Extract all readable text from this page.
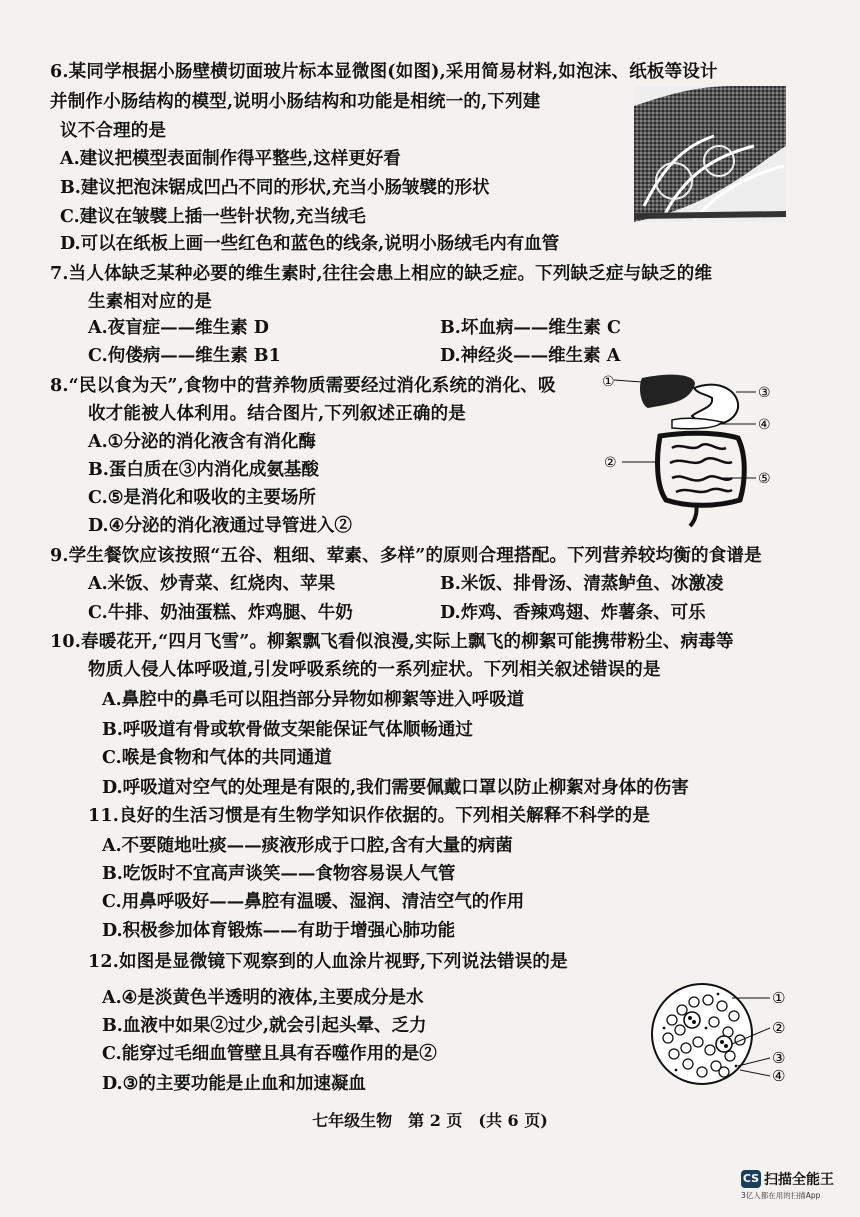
6.某同学根据小肠壁横切面玻片标本显微图(如图),采用简易材料,如泡沫、纸板等设计
并制作小肠结构的模型,说明小肠结构和功能是相统一的,下列建
议不合理的是
A.建议把模型表面制作得平整些,这样更好看
B.建议把泡沫锯成凹凸不同的形状,充当小肠皱襞的形状
C.建议在皱襞上插一些针状物,充当绒毛
D.可以在纸板上画一些红色和蓝色的线条,说明小肠绒毛内有血管
7.当人体缺乏某种必要的维生素时,往往会患上相应的缺乏症。下列缺乏症与缺乏的维
生素相对应的是
A.夜盲症——维生素 D	B.坏血病——维生素 C
C.佝偻病——维生素 B1	D.神经炎——维生素 A
8.“民以食为天”,食物中的营养物质需要经过消化系统的消化、吸
收才能被人体利用。结合图片,下列叙述正确的是
A.①分泌的消化液含有消化酶
B.蛋白质在③内消化成氨基酸
C.⑤是消化和吸收的主要场所
D.④分泌的消化液通过导管进入②
①
③
④
②
⑤
9.学生餐饮应该按照“五谷、粗细、荤素、多样”的原则合理搭配。下列营养较均衡的食谱是
A.米饭、炒青菜、红烧肉、苹果	B.米饭、排骨汤、清蒸鲈鱼、冰激凌
C.牛排、奶油蛋糕、炸鸡腿、牛奶	D.炸鸡、香辣鸡翅、炸薯条、可乐
10.春暖花开,“四月飞雪”。柳絮飘飞看似浪漫,实际上飘飞的柳絮可能携带粉尘、病毒等
物质人侵人体呼吸道,引发呼吸系统的一系列症状。下列相关叙述错误的是
A.鼻腔中的鼻毛可以阻挡部分异物如柳絮等进入呼吸道
B.呼吸道有骨或软骨做支架能保证气体顺畅通过
C.喉是食物和气体的共同通道
D.呼吸道对空气的处理是有限的,我们需要佩戴口罩以防止柳絮对身体的伤害
11.良好的生活习惯是有生物学知识作依据的。下列相关解释不科学的是
A.不要随地吐痰——痰液形成于口腔,含有大量的病菌
B.吃饭时不宜高声谈笑——食物容易误人气管
C.用鼻呼吸好——鼻腔有温暖、湿润、清洁空气的作用
D.积极参加体育锻炼——有助于增强心肺功能
12.如图是显微镜下观察到的人血涂片视野,下列说法错误的是
A.④是淡黄色半透明的液体,主要成分是水
B.血液中如果②过少,就会引起头晕、乏力
C.能穿过毛细血管壁且具有吞噬作用的是②
D.③的主要功能是止血和加速凝血
①
②
③
④
七年级生物　第 2 页　(共 6 页)
CS 扫描全能王
3亿人都在用的扫描App
